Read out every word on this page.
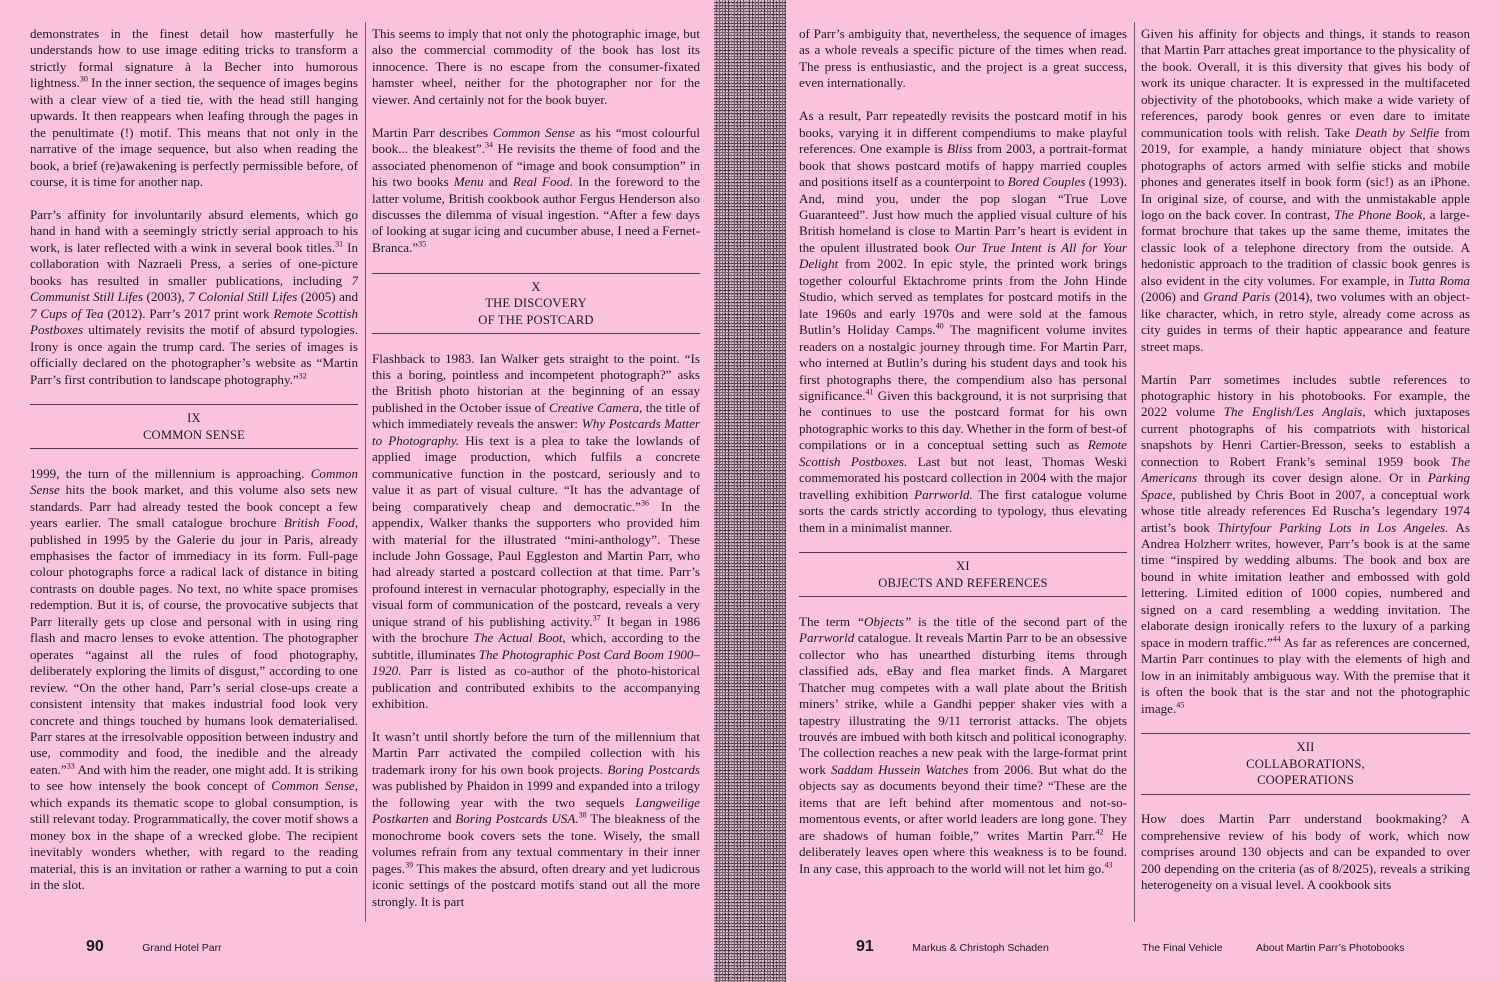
demonstrates in the finest detail how masterfully he understands how to use image editing tricks to transform a strictly formal signature à la Becher into humorous lightness.$^{30}$ In the inner section, the sequence of images begins with a clear view of a tied tie, with the head still hanging upwards. It then reappears when leafing through the pages in the penultimate (!) motif. This means that not only in the narrative of the image sequence, but also when reading the book, a brief (re)awakening is perfectly permissible before, of course, it is time for another nap.

Parr’s affinity for involuntarily absurd elements, which go hand in hand with a seemingly strictly serial approach to his work, is later reflected with a wink in several book titles.$^{31}$ In collaboration with Nazraeli Press, a series of one-picture books has resulted in smaller publications, including 7 Communist Still Lifes (2003), 7 Colonial Still Lifes (2005) and 7 Cups of Tea (2012). Parr’s 2017 print work Remote Scottish Postboxes ultimately revisits the motif of absurd typologies. Irony is once again the trump card. The series of images is officially declared on the photographer’s website as “Martin Parr’s first contribution to landscape photography.”$^{32}$

IX
COMMON SENSE

1999, the turn of the millennium is approaching. Common Sense hits the book market, and this volume also sets new standards. Parr had already tested the book concept a few years earlier. The small catalogue brochure British Food, published in 1995 by the Galerie du jour in Paris, already emphasises the factor of immediacy in its form. Full-page colour photographs force a radical lack of distance in biting contrasts on double pages. No text, no white space promises redemption. But it is, of course, the provocative subjects that Parr literally gets up close and personal with in using ring flash and macro lenses to evoke attention. The photographer operates “against all the rules of food photography, deliberately exploring the limits of disgust,” according to one review. “On the other hand, Parr’s serial close-ups create a consistent intensity that makes industrial food look very concrete and things touched by humans look dematerialised. Parr stares at the irresolvable opposition between industry and use, commodity and food, the inedible and the already eaten.”$^{33}$ And with him the reader, one might add. It is striking to see how intensely the book concept of Common Sense, which expands its thematic scope to global consumption, is still relevant today. Programmatically, the cover motif shows a money box in the shape of a wrecked globe. The recipient inevitably wonders whether, with regard to the reading material, this is an invitation or rather a warning to put a coin in the slot.

This seems to imply that not only the photographic image, but also the commercial commodity of the book has lost its innocence. There is no escape from the consumer-fixated hamster wheel, neither for the photographer nor for the viewer. And certainly not for the book buyer.

Martin Parr describes Common Sense as his “most colourful book... the bleakest”.$^{34}$ He revisits the theme of food and the associated phenomenon of “image and book consumption” in his two books Menu and Real Food. In the foreword to the latter volume, British cookbook author Fergus Henderson also discusses the dilemma of visual ingestion. “After a few days of looking at sugar icing and cucumber abuse, I need a Fernet-Branca.”$^{35}$

X
THE DISCOVERY
OF THE POSTCARD

Flashback to 1983. Ian Walker gets straight to the point. “Is this a boring, pointless and incompetent photograph?” asks the British photo historian at the beginning of an essay published in the October issue of Creative Camera, the title of which immediately reveals the answer: Why Postcards Matter to Photography. His text is a plea to take the lowlands of applied image production, which fulfils a concrete communicative function in the postcard, seriously and to value it as part of visual culture. “It has the advantage of being comparatively cheap and democratic.”$^{36}$ In the appendix, Walker thanks the supporters who provided him with material for the illustrated “mini-anthology”. These include John Gossage, Paul Eggleston and Martin Parr, who had already started a postcard collection at that time. Parr’s profound interest in vernacular photography, especially in the visual form of communication of the postcard, reveals a very unique strand of his publishing activity.$^{37}$ It began in 1986 with the brochure The Actual Boot, which, according to the subtitle, illuminates The Photographic Post Card Boom 1900–1920. Parr is listed as co-author of the photo-historical publication and contributed exhibits to the accompanying exhibition.

It wasn’t until shortly before the turn of the millennium that Martin Parr activated the compiled collection with his trademark irony for his own book projects. Boring Postcards was published by Phaidon in 1999 and expanded into a trilogy the following year with the two sequels Langweilige Postkarten and Boring Postcards USA.$^{38}$ The bleakness of the monochrome book covers sets the tone. Wisely, the small volumes refrain from any textual commentary in their inner pages.$^{39}$ This makes the absurd, often dreary and yet ludicrous iconic settings of the postcard motifs stand out all the more strongly. It is part

90	Grand Hotel Parr

of Parr’s ambiguity that, nevertheless, the sequence of images as a whole reveals a specific picture of the times when read. The press is enthusiastic, and the project is a great success, even internationally.

As a result, Parr repeatedly revisits the postcard motif in his books, varying it in different compendiums to make playful references. One example is Bliss from 2003, a portrait-format book that shows postcard motifs of happy married couples and positions itself as a counterpoint to Bored Couples (1993). And, mind you, under the pop slogan “True Love Guaranteed”. Just how much the applied visual culture of his British homeland is close to Martin Parr’s heart is evident in the opulent illustrated book Our True Intent is All for Your Delight from 2002. In epic style, the printed work brings together colourful Ektachrome prints from the John Hinde Studio, which served as templates for postcard motifs in the late 1960s and early 1970s and were sold at the famous Butlin’s Holiday Camps.$^{40}$ The magnificent volume invites readers on a nostalgic journey through time. For Martin Parr, who interned at Butlin’s during his student days and took his first photographs there, the compendium also has personal significance.$^{41}$ Given this background, it is not surprising that he continues to use the postcard format for his own photographic works to this day. Whether in the form of best-of compilations or in a conceptual setting such as Remote Scottish Postboxes. Last but not least, Thomas Weski commemorated his postcard collection in 2004 with the major travelling exhibition Parrworld. The first catalogue volume sorts the cards strictly according to typology, thus elevating them in a minimalist manner.

XI
OBJECTS AND REFERENCES

The term “Objects” is the title of the second part of the Parrworld catalogue. It reveals Martin Parr to be an obsessive collector who has unearthed disturbing items through classified ads, eBay and flea market finds. A Margaret Thatcher mug competes with a wall plate about the British miners’ strike, while a Gandhi pepper shaker vies with a tapestry illustrating the 9/11 terrorist attacks. The objets trouvés are imbued with both kitsch and political iconography. The collection reaches a new peak with the large-format print work Saddam Hussein Watches from 2006. But what do the objects say as documents beyond their time? “These are the items that are left behind after momentous and not-so-momentous events, or after world leaders are long gone. They are shadows of human foible,” writes Martin Parr.$^{42}$ He deliberately leaves open where this weakness is to be found. In any case, this approach to the world will not let him go.$^{43}$

Given his affinity for objects and things, it stands to reason that Martin Parr attaches great importance to the physicality of the book. Overall, it is this diversity that gives his body of work its unique character. It is expressed in the multifaceted objectivity of the photobooks, which make a wide variety of references, parody book genres or even dare to imitate communication tools with relish. Take Death by Selfie from 2019, for example, a handy miniature object that shows photographs of actors armed with selfie sticks and mobile phones and generates itself in book form (sic!) as an iPhone. In original size, of course, and with the unmistakable apple logo on the back cover. In contrast, The Phone Book, a large-format brochure that takes up the same theme, imitates the classic look of a telephone directory from the outside. A hedonistic approach to the tradition of classic book genres is also evident in the city volumes. For example, in Tutta Roma (2006) and Grand Paris (2014), two volumes with an object-like character, which, in retro style, already come across as city guides in terms of their haptic appearance and feature street maps.

Martin Parr sometimes includes subtle references to photographic history in his photobooks. For example, the 2022 volume The English/Les Anglais, which juxtaposes current photographs of his compatriots with historical snapshots by Henri Cartier-Bresson, seeks to establish a connection to Robert Frank’s seminal 1959 book The Americans through its cover design alone. Or in Parking Space, published by Chris Boot in 2007, a conceptual work whose title already references Ed Ruscha’s legendary 1974 artist’s book Thirtyfour Parking Lots in Los Angeles. As Andrea Holzherr writes, however, Parr’s book is at the same time “inspired by wedding albums. The book and box are bound in white imitation leather and embossed with gold lettering. Limited edition of 1000 copies, numbered and signed on a card resembling a wedding invitation. The elaborate design ironically refers to the luxury of a parking space in modern traffic.”$^{44}$ As far as references are concerned, Martin Parr continues to play with the elements of high and low in an inimitably ambiguous way. With the premise that it is often the book that is the star and not the photographic image.$^{45}$

XII
COLLABORATIONS,
COOPERATIONS

How does Martin Parr understand bookmaking? A comprehensive review of his body of work, which now comprises around 130 objects and can be expanded to over 200 depending on the criteria (as of 8/2025), reveals a striking heterogeneity on a visual level. A cookbook sits

91	Markus & Christoph Schaden	The Final Vehicle	About Martin Parr’s Photobooks
